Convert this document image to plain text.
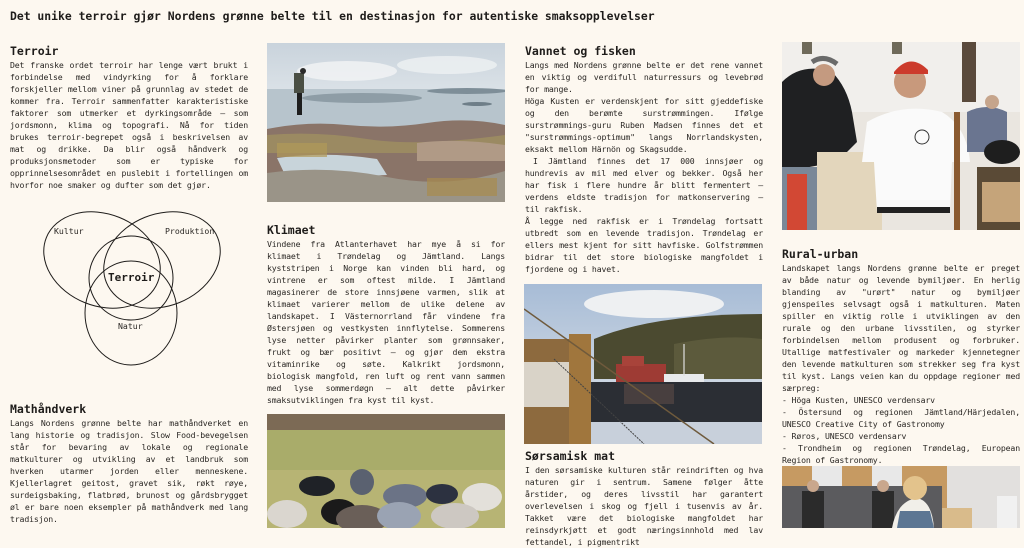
Det unike terroir gjør Nordens grønne belte til en destinasjon for autentiske smaksopplevelser
Terroir

Det franske ordet terroir har lenge vært brukt i forbindelse med vindyrking for å forklare forskjeller mellom viner på grunnlag av stedet de kommer fra. Terroir sammenfatter karakteristiske faktorer som utmerker et dyrkingsområde – som jordsmonn, klima og topografi. Nå for tiden brukes terroir-begrepet også i beskrivelsen av mat og drikke. Da blir også håndverk og produksjonsmetoder som er typiske for opprinnelsesområdet en puslebit i fortellingen om hvorfor noe smaker og dufter som det gjør.

Kultur	Produktion
Natur
Terroir
Mathåndverk

Langs Nordens grønne belte har mathåndverket en lang historie og tradisjon. Slow Food-bevegelsen står for bevaring av lokale og regionale matkulturer og utvikling av et landbruk som hverken utarmer jorden eller menneskene. Kjellerlagret geitost, gravet sik, røkt røye, surdeigsbaking, flatbrød, brunost og gårdsbrygget øl er bare noen eksempler på mathåndverk med lang tradisjon.

Klimaet

Vindene fra Atlanterhavet har mye å si for klimaet i Trøndelag og Jämtland. Langs kyststripen i Norge kan vinden bli hard, og vintrene er som oftest milde. I Jämtland magasinerer de store innsjøene varmen, slik at klimaet varierer mellom de ulike delene av landskapet. I Västernorrland får vindene fra Østersjøen og vestkysten innflytelse. Sommerens lyse netter påvirker planter som grønnsaker, frukt og bær positivt – og gjør dem ekstra vitaminrike og søte. Kalkrikt jordsmonn, biologisk mangfold, ren luft og rent vann sammen med lyse sommerdøgn – alt dette påvirker smaksutviklingen fra kyst til kyst.

Vannet og fisken

Langs med Nordens grønne belte er det rene vannet en viktig og verdifull naturressurs og levebrød for mange.

Höga Kusten er verdenskjent for sitt gjeddefiske og den berømte surstrømmingen. Ifølge surstrømmings-guru Ruben Madsen finnes det et "surstrømmings-optimum" langs Norrlandskysten, eksakt mellom Härnön og Skagsudde.

I Jämtland finnes det 17 000 innsjøer og hundrevis av mil med elver og bekker. Også her har fisk i flere hundre år blitt fermentert – verdens eldste tradisjon for matkonservering – til rakfisk.

Å legge ned rakfisk er i Trøndelag fortsatt utbredt som en levende tradisjon. Trøndelag er ellers mest kjent for sitt havfiske. Golfstrømmen bidrar til det store biologiske mangfoldet i fjordene og i havet.

Sørsamisk mat

I den sørsamiske kulturen står reindriften og hva naturen gir i sentrum. Samene følger åtte årstider, og deres livsstil har garantert overlevelsen i skog og fjell i tusenvis av år. Takket være det biologiske mangfoldet har reinsdyrkjøtt et godt næringsinnhold med lav fettandel, i pigmentrikt

Rural-urban

Landskapet langs Nordens grønne belte er preget av både natur og levende bymiljøer. En herlig blanding av "urørt" natur og bymiljøer gjenspeiles selvsagt også i matkulturen. Maten spiller en viktig rolle i utviklingen av den rurale og den urbane livsstilen, og styrker forbindelsen mellom produsent og forbruker. Utallige matfestivaler og markeder kjennetegner den levende matkulturen som strekker seg fra kyst til kyst. Langs veien kan du oppdage regioner med særpreg:

- Höga Kusten, UNESCO verdensarv

- Östersund og regionen Jämtland/Härjedalen, UNESCO Creative City of Gastronomy

- Røros, UNESCO verdensarv

- Trondheim og regionen Trøndelag, European Region of Gastronomy.
